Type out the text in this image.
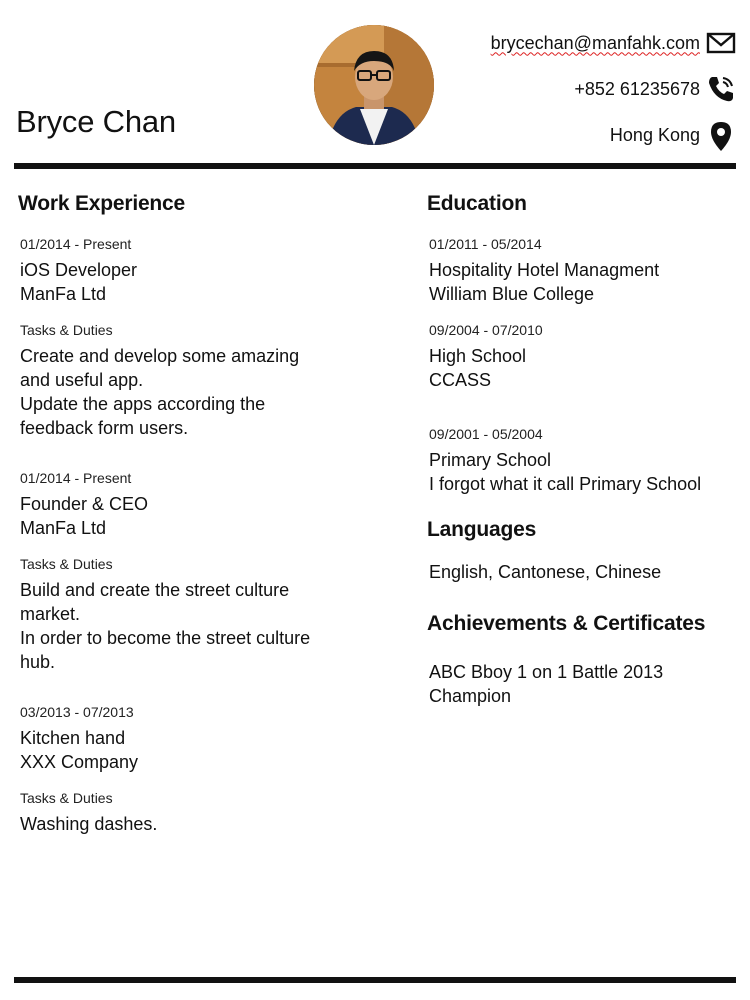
Bryce Chan
brycechan@manfahk.com
+852 61235678
Hong Kong
Work Experience

01/2014 - Present

iOS Developer

ManFa Ltd

Tasks & Duties

Create and develop some amazing

and useful app.

Update the apps according the

feedback form users.

01/2014 - Present

Founder & CEO

ManFa Ltd

Tasks & Duties

Build and create the street culture

market.

In order to become the street culture

hub.

03/2013 - 07/2013

Kitchen hand

XXX Company

Tasks & Duties

Washing dashes.

Education

01/2011 - 05/2014

Hospitality Hotel Managment

William Blue College

09/2004 - 07/2010

High School

CCASS

09/2001 - 05/2004

Primary School

I forgot what it call Primary School

Languages

English, Cantonese, Chinese

Achievements & Certificates

ABC Bboy 1 on 1 Battle 2013

Champion
